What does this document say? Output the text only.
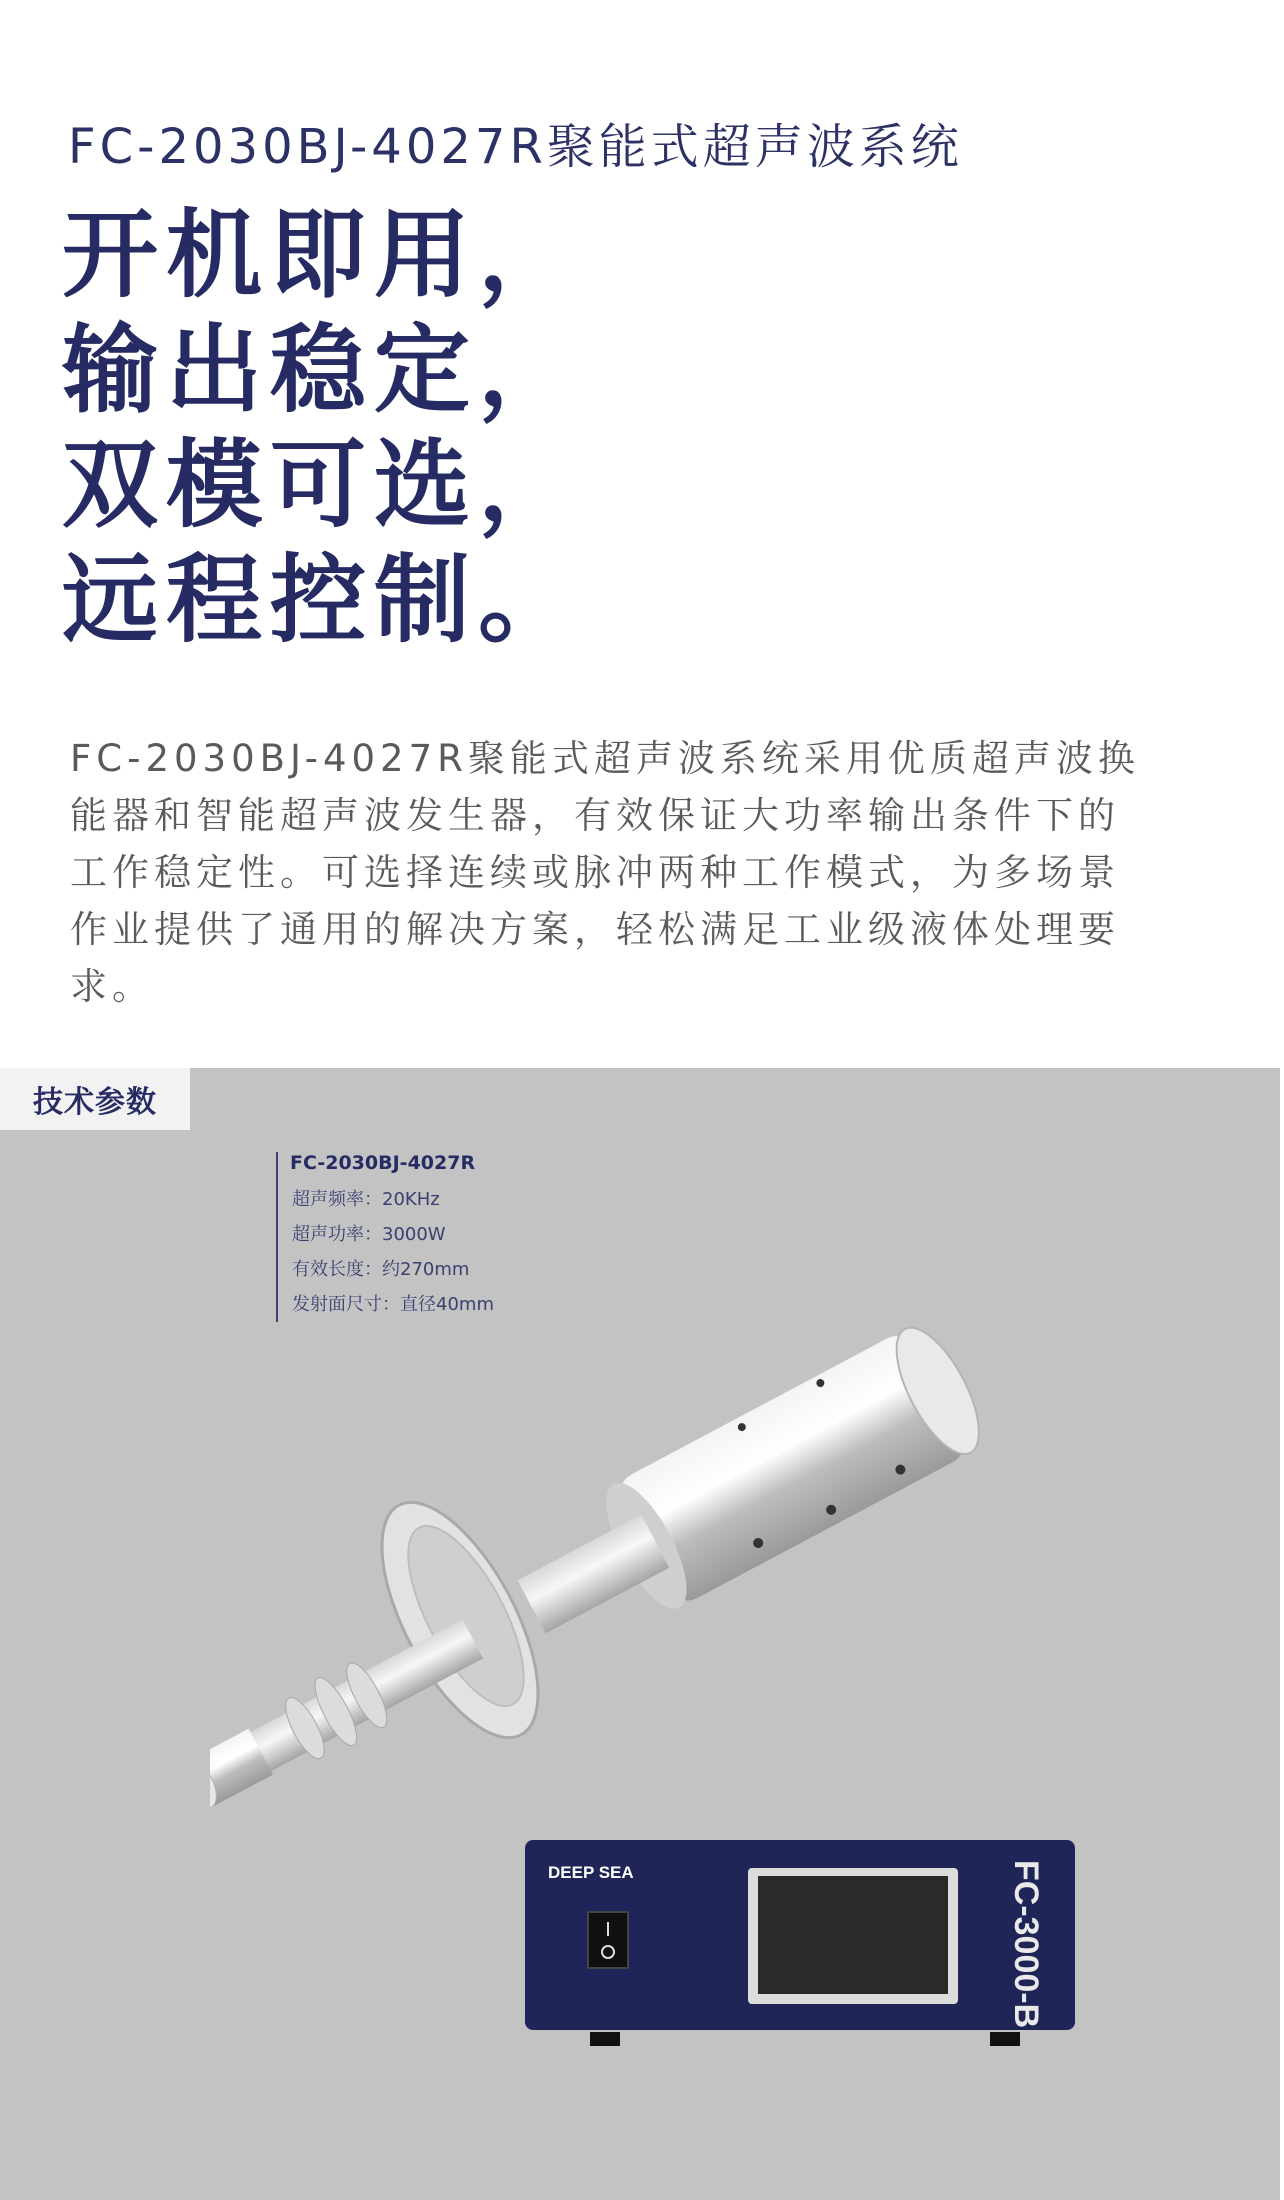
FC-2030BJ-4027R聚能式超声波系统
开机即用，
输出稳定，
双模可选，
远程控制。

FC-2030BJ-4027R聚能式超声波系统采用优质超声波换能器和智能超声波发生器，有效保证大功率输出条件下的工作稳定性。可选择连续或脉冲两种工作模式，为多场景作业提供了通用的解决方案，轻松满足工业级液体处理要求。

技术参数
FC-2030BJ-4027R
超声频率：20KHz
超声功率：3000W
有效长度：约270mm
发射面尺寸：直径40mm
DEEP SEA	FC-3000-B
